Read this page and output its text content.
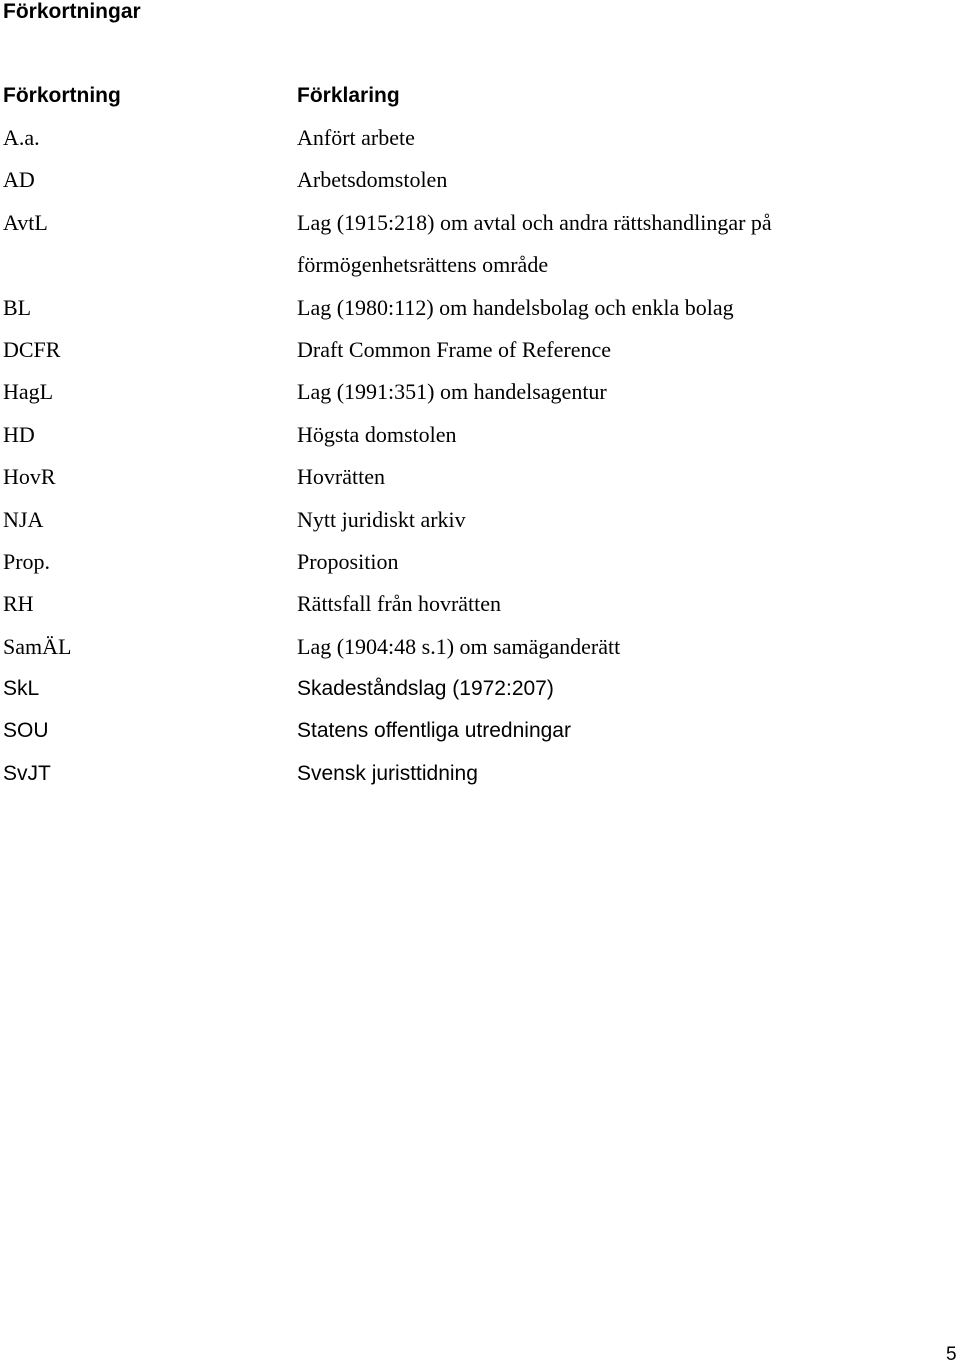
Förkortningar
Förkortning	Förklaring
A.a.	Anfört arbete
AD	Arbetsdomstolen
AvtL	Lag (1915:218) om avtal och andra rättshandlingar på
förmögenhetsrättens område
BL	Lag (1980:112) om handelsbolag och enkla bolag
DCFR	Draft Common Frame of Reference
HagL	Lag (1991:351) om handelsagentur
HD	Högsta domstolen
HovR	Hovrätten
NJA	Nytt juridiskt arkiv
Prop.	Proposition
RH	Rättsfall från hovrätten
SamÄL	Lag (1904:48 s.1) om samäganderätt
SkL	Skadeståndslag (1972:207)
SOU	Statens offentliga utredningar
SvJT	Svensk juristtidning
5
